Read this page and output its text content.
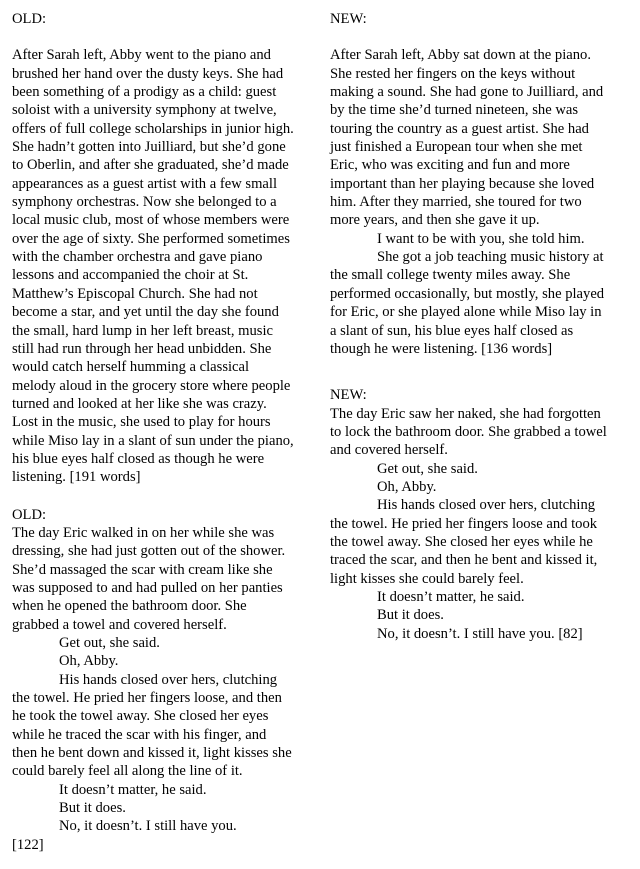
OLD:

After Sarah left, Abby went to the piano and brushed her hand over the dusty keys. She had been something of a prodigy as a child: guest soloist with a university symphony at twelve, offers of full college scholarships in junior high. She hadn’t gotten into Juilliard, but she’d gone to Oberlin, and after she graduated, she’d made appearances as a guest artist with a few small symphony orchestras. Now she belonged to a local music club, most of whose members were over the age of sixty. She performed sometimes with the chamber orchestra and gave piano lessons and accompanied the choir at St. Matthew’s Episcopal Church. She had not become a star, and yet until the day she found the small, hard lump in her left breast, music still had run through her head unbidden. She would catch herself humming a classical melody aloud in the grocery store where people turned and looked at her like she was crazy. Lost in the music, she used to play for hours while Miso lay in a slant of sun under the piano, his blue eyes half closed as though he were listening. [191 words]

OLD:

The day Eric walked in on her while she was dressing, she had just gotten out of the shower. She’d massaged the scar with cream like she was supposed to and had pulled on her panties when he opened the bathroom door. She grabbed a towel and covered herself.

Get out, she said.

Oh, Abby.

His hands closed over hers, clutching the towel. He pried her fingers loose, and then he took the towel away. She closed her eyes while he traced the scar with his finger, and then he bent down and kissed it, light kisses she could barely feel all along the line of it.

It doesn’t matter, he said.

But it does.

No, it doesn’t. I still have you.

[122]

NEW:

After Sarah left, Abby sat down at the piano. She rested her fingers on the keys without making a sound. She had gone to Juilliard, and by the time she’d turned nineteen, she was touring the country as a guest artist. She had just finished a European tour when she met Eric, who was exciting and fun and more important than her playing because she loved him. After they married, she toured for two more years, and then she gave it up.

I want to be with you, she told him.

She got a job teaching music history at the small college twenty miles away. She performed occasionally, but mostly, she played for Eric, or she played alone while Miso lay in a slant of sun, his blue eyes half closed as though he were listening. [136 words]

NEW:

The day Eric saw her naked, she had forgotten to lock the bathroom door. She grabbed a towel and covered herself.

Get out, she said.

Oh, Abby.

His hands closed over hers, clutching the towel. He pried her fingers loose and took the towel away. She closed her eyes while he traced the scar, and then he bent and kissed it, light kisses she could barely feel.

It doesn’t matter, he said.

But it does.

No, it doesn’t. I still have you. [82]
